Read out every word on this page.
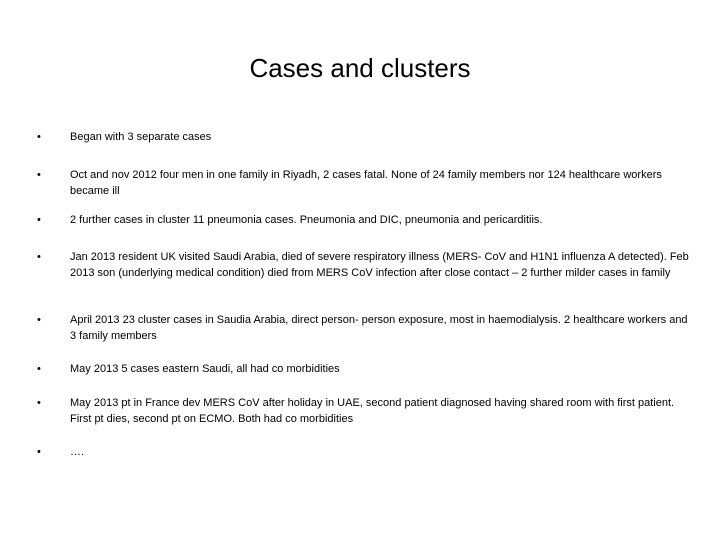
Cases and clusters
•	Began with 3 separate cases
•	Oct and nov 2012 four men in one family in Riyadh, 2 cases fatal. None of 24 family members nor 124 healthcare workers became ill
•	2 further cases in cluster 11 pneumonia cases. Pneumonia and DIC, pneumonia and pericarditiis.
•	Jan 2013 resident UK visited Saudi Arabia, died of severe respiratory illness (MERS- CoV and H1N1 influenza A detected). Feb 2013 son (underlying medical condition) died from MERS CoV infection after close contact – 2 further milder cases in family
•	April 2013 23 cluster cases in Saudia Arabia, direct person- person exposure, most in haemodialysis. 2 healthcare workers and 3 family members
•	May 2013 5 cases eastern Saudi, all had co morbidities
•	May 2013 pt in France dev MERS CoV after holiday in UAE, second patient diagnosed having shared room with first patient. First pt dies, second pt on ECMO. Both had co morbidities
•	….
